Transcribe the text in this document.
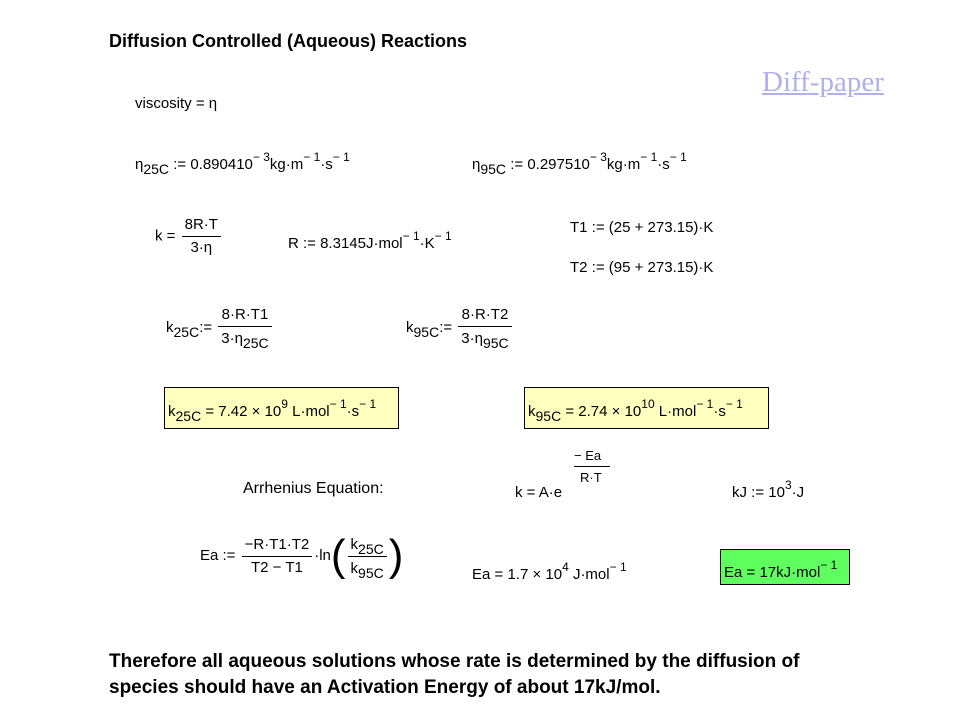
Diffusion Controlled (Aqueous) Reactions
Diff-paper
viscosity = η
η25C := $0.890410^{- 3}kg\cdot m^{- 1}\cdot s^{- 1}$	η95C := $0.297510^{- 3}kg\cdot m^{- 1}\cdot s^{- 1}$
$k = \frac{8R\cdot T}{3\cdot\eta}$	R := $8.3145J\cdot mol^{- 1}\cdot K^{- 1}$	T1 := (25 + 273.15)·K
T2 := (95 + 273.15)·K
k25C:= $\frac{8\cdot R\cdot T1}{3\cdot\eta 25C}$	k95C:= $\frac{8\cdot R\cdot T2}{3\cdot\eta 95C}$
$k25C = 7.42 \times 10^9$ $L\cdot mol^{- 1}\cdot s^{- 1}$	$k95C = 2.74 \times 10^{10}$ $L\cdot mol^{- 1}\cdot s^{- 1}$
Arrhenius Equation:
− Ea
R·T
k = A·e	kJ := $10^3\cdot J$
Ea := $\frac{-R\cdot T1\cdot T2}{T2 - T1} \cdot\ln( \frac{k25C}{k95C}$ )	$Ea = 1.7 \times 10^4$ J·mol$^{- 1}$	Ea = 17kJ·mol$^{- 1}$
Therefore all aqueous solutions whose rate is determined by the diffusion of species should have an Activation Energy of about 17kJ/mol.
